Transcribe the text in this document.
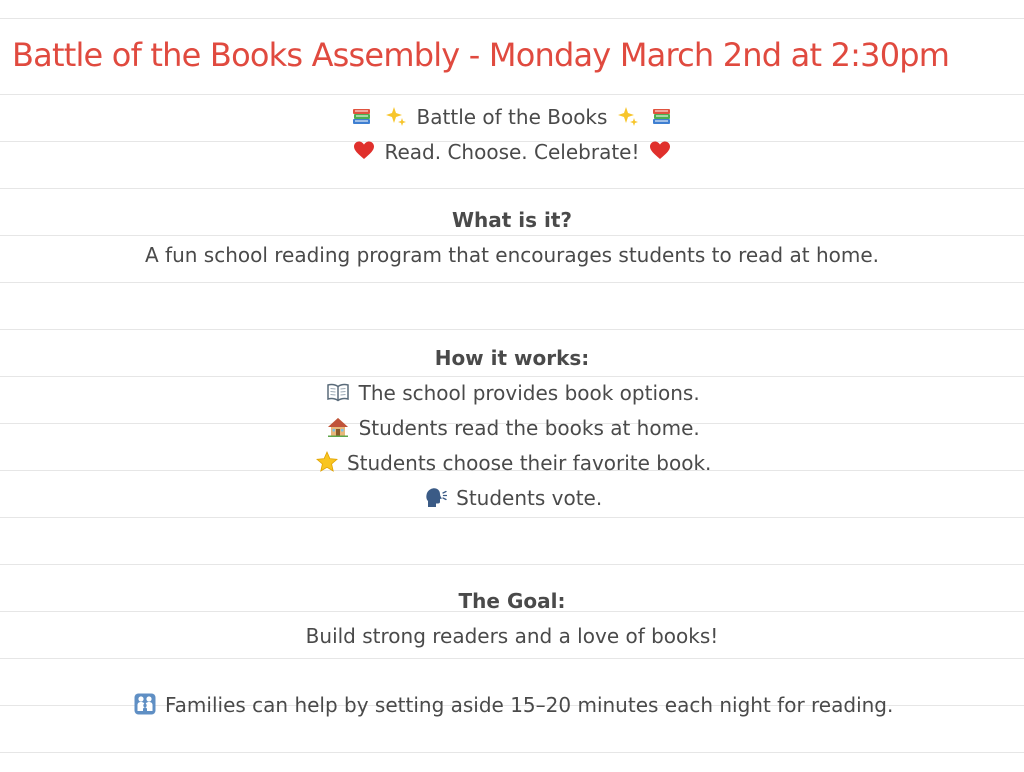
Battle of the Books Assembly - Monday March 2nd at 2:30pm

Battle of the Books

Read. Choose. Celebrate!
What is it?
A fun school reading program that encourages students to read at home.
How it works:
The school provides book options.
Students read the books at home.
Students choose their favorite book.
Students vote.
The Goal:
Build strong readers and a love of books!
Families can help by setting aside 15–20 minutes each night for reading.
